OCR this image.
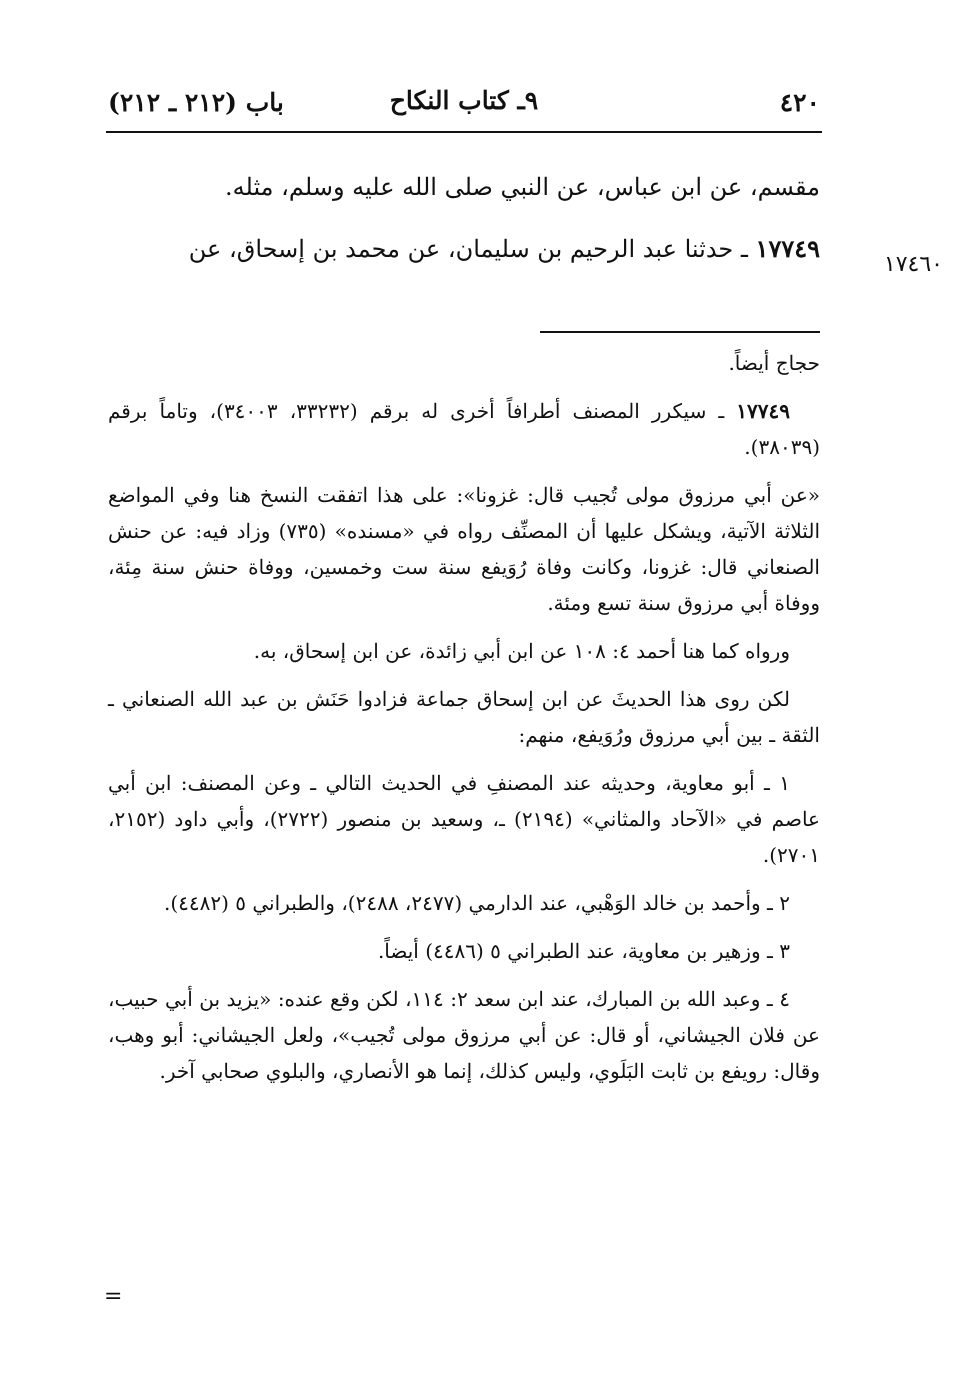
٤٢٠
٩ـ كتاب النكاح
باب (٢١٢ ـ ٢١٢)
١٧٤٦٠

مقسم، عن ابن عباس، عن النبي صلى الله عليه وسلم، مثله.

١٧٧٤٩ ـ حدثنا عبد الرحيم بن سليمان، عن محمد بن إسحاق، عن

حجاج أيضاً.

١٧٧٤٩ ـ سيكرر المصنف أطرافاً أخرى له برقم (٣٣٢٣٢، ٣٤٠٠٣)، وتاماً برقم (٣٨٠٣٩).

«عن أبي مرزوق مولى تُجيب قال: غزونا»: على هذا اتفقت النسخ هنا وفي المواضع الثلاثة الآتية، ويشكل عليها أن المصنِّف رواه في «مسنده» (٧٣٥) وزاد فيه: عن حنش الصنعاني قال: غزونا، وكانت وفاة رُوَيفع سنة ست وخمسين، ووفاة حنش سنة مِئة، ووفاة أبي مرزوق سنة تسع ومئة.

ورواه كما هنا أحمد ٤: ١٠٨ عن ابن أبي زائدة، عن ابن إسحاق، به.

لكن روى هذا الحديثَ عن ابن إسحاق جماعة فزادوا حَنَش بن عبد الله الصنعاني ـ الثقة ـ بين أبي مرزوق ورُوَيفع، منهم:

١ ـ أبو معاوية، وحديثه عند المصنفِ في الحديث التالي ـ وعن المصنف: ابن أبي عاصم في «الآحاد والمثاني» (٢١٩٤) ـ، وسعيد بن منصور (٢٧٢٢)، وأبي داود (٢١٥٢، ٢٧٠١).

٢ ـ وأحمد بن خالد الوَهْبي، عند الدارمي (٢٤٧٧، ٢٤٨٨)، والطبراني ٥ (٤٤٨٢).

٣ ـ وزهير بن معاوية، عند الطبراني ٥ (٤٤٨٦) أيضاً.

٤ ـ وعبد الله بن المبارك، عند ابن سعد ٢: ١١٤، لكن وقع عنده: «يزيد بن أبي حبيب، عن فلان الجيشاني، أو قال: عن أبي مرزوق مولى تُجيب»، ولعل الجيشاني: أبو وهب، وقال: رويفع بن ثابت البَلَوي، وليس كذلك، إنما هو الأنصاري، والبلوي صحابي آخر.

=
